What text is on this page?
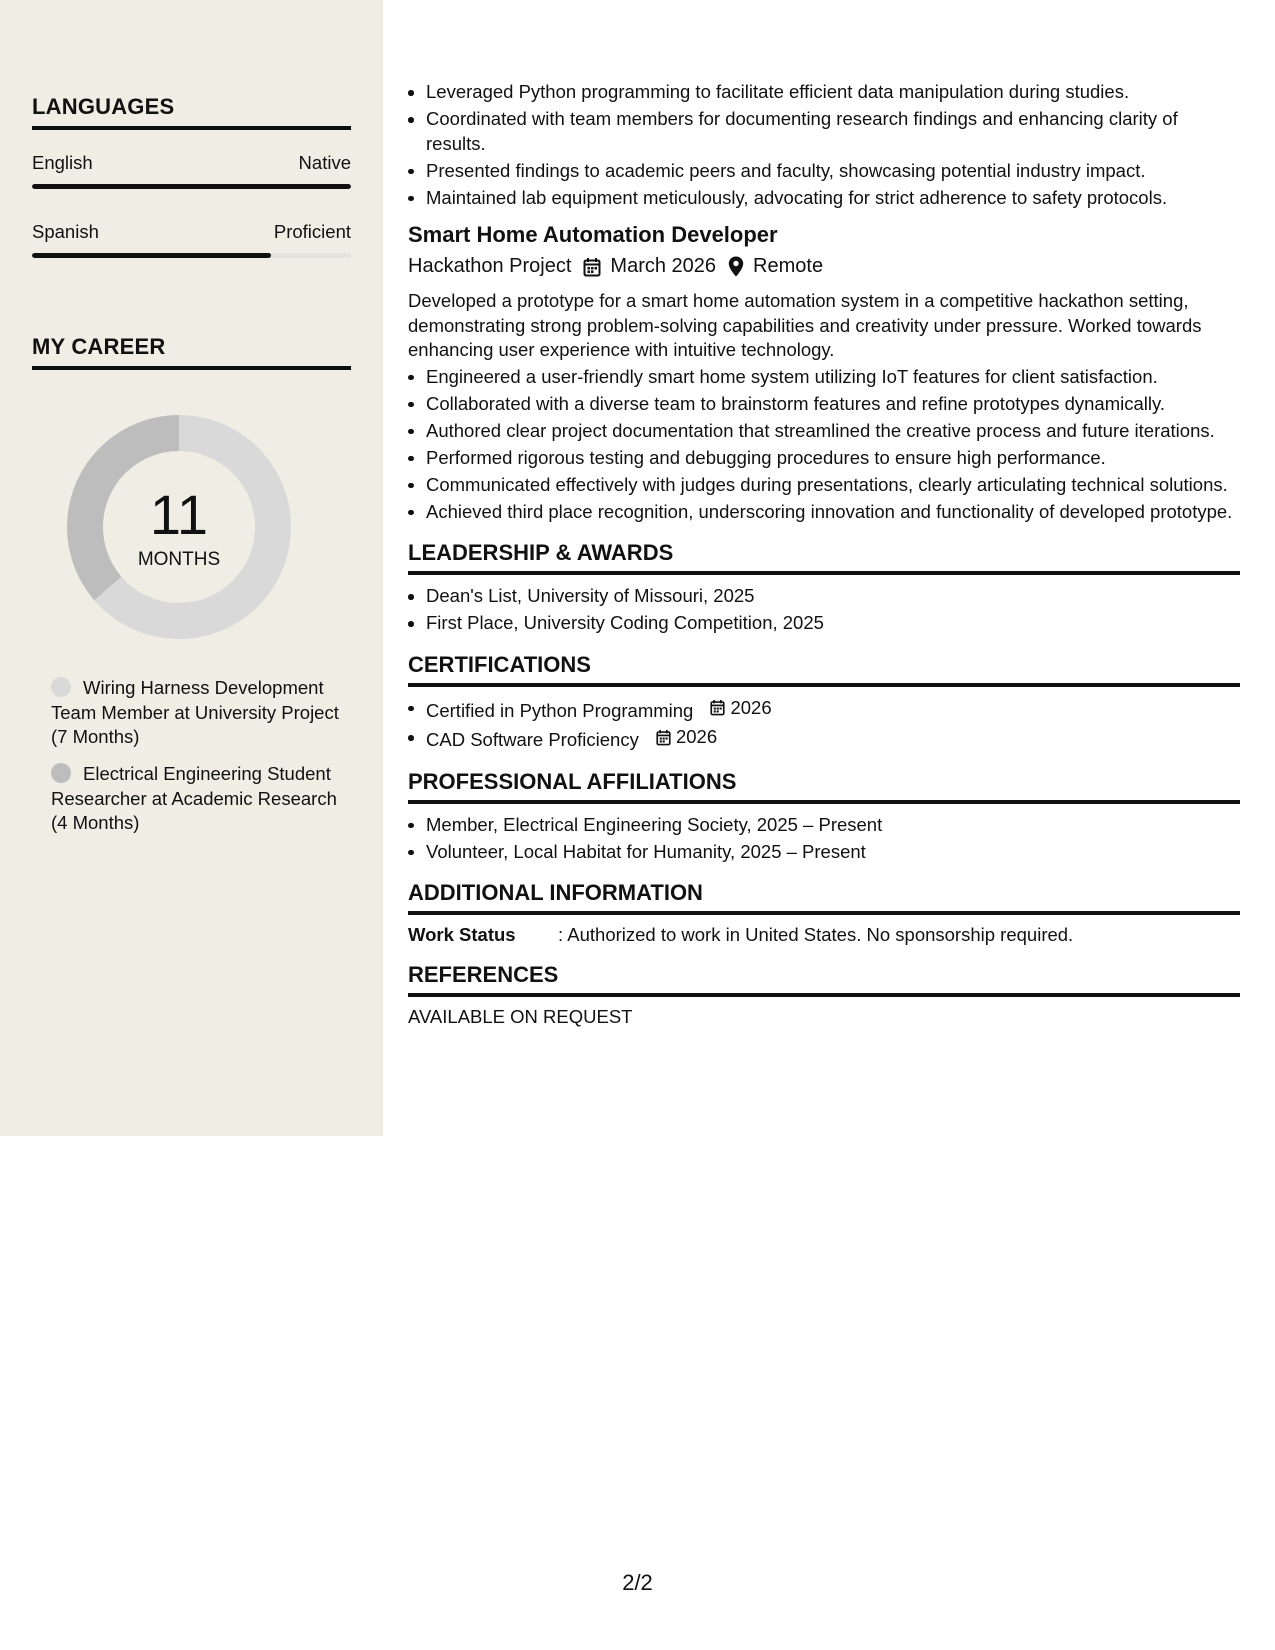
LANGUAGES
English	Native
Spanish	Proficient
MY CAREER
11
MONTHS
Wiring Harness Development Team Member at University Project (7 Months)
Electrical Engineering Student Researcher at Academic Research (4 Months)
Leveraged Python programming to facilitate efficient data manipulation during studies.
Coordinated with team members for documenting research findings and enhancing clarity of results.
Presented findings to academic peers and faculty, showcasing potential industry impact.
Maintained lab equipment meticulously, advocating for strict adherence to safety protocols.
Smart Home Automation Developer
Hackathon Project March 2026 Remote
Developed a prototype for a smart home automation system in a competitive hackathon setting, demonstrating strong problem-solving capabilities and creativity under pressure. Worked towards enhancing user experience with intuitive technology.
Engineered a user-friendly smart home system utilizing IoT features for client satisfaction.
Collaborated with a diverse team to brainstorm features and refine prototypes dynamically.
Authored clear project documentation that streamlined the creative process and future iterations.
Performed rigorous testing and debugging procedures to ensure high performance.
Communicated effectively with judges during presentations, clearly articulating technical solutions.
Achieved third place recognition, underscoring innovation and functionality of developed prototype.
LEADERSHIP & AWARDS
Dean's List, University of Missouri, 2025
First Place, University Coding Competition, 2025
CERTIFICATIONS
Certified in Python Programming 2026
CAD Software Proficiency 2026
PROFESSIONAL AFFILIATIONS
Member, Electrical Engineering Society, 2025 – Present
Volunteer, Local Habitat for Humanity, 2025 – Present
ADDITIONAL INFORMATION
Work Status	: Authorized to work in United States. No sponsorship required.
REFERENCES
AVAILABLE ON REQUEST
2/2
